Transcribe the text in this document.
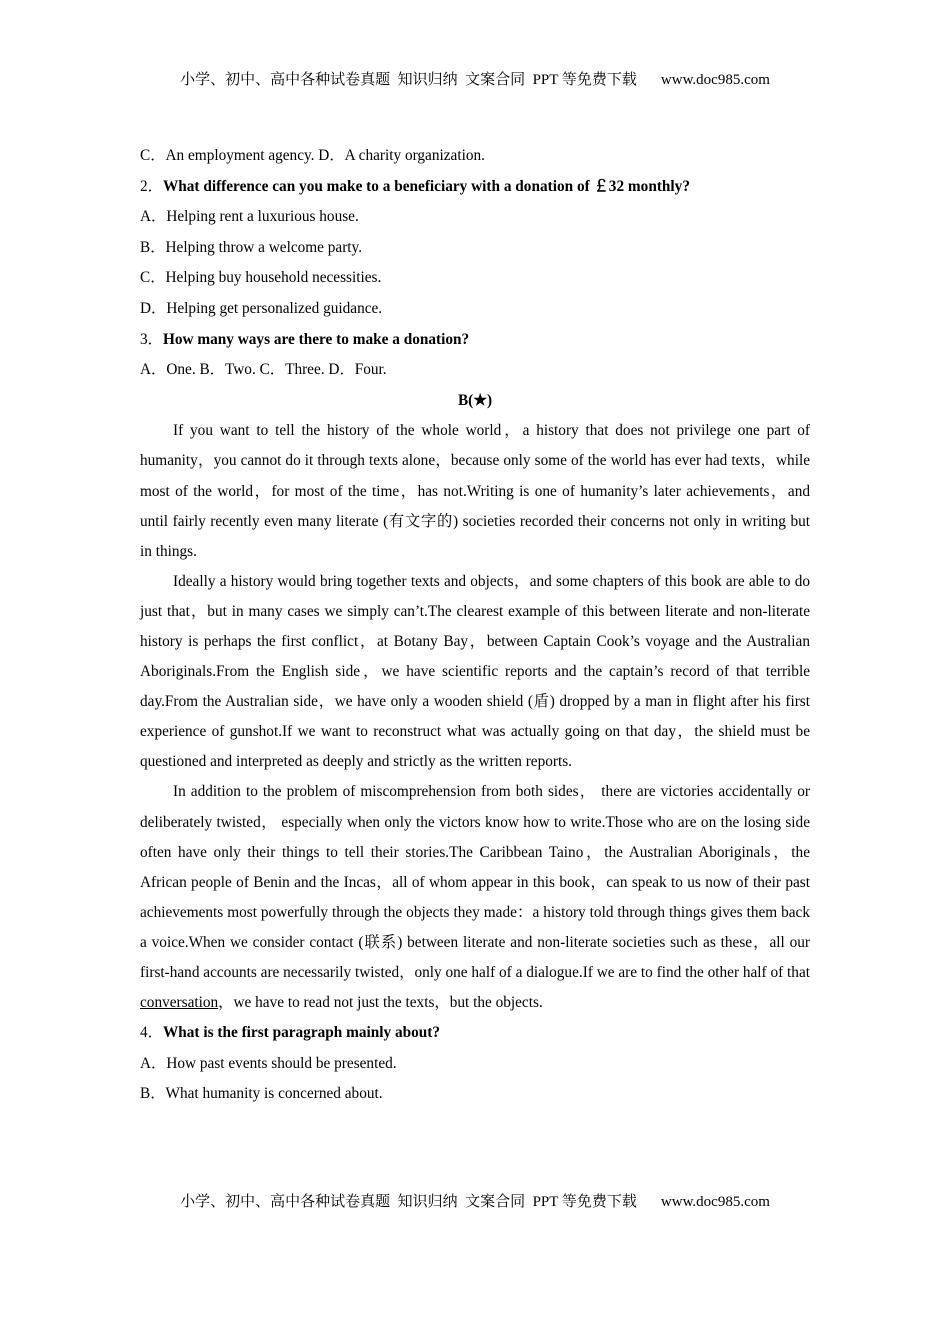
小学、初中、高中各种试卷真题  知识归纳  文案合同  PPT 等免费下载 www.doc985.com
C．An employment agency. D．A charity organization.
2．What difference can you make to a beneficiary with a donation of ￡32 monthly?
A．Helping rent a luxurious house.
B．Helping throw a welcome party.
C．Helping buy household necessities.
D．Helping get personalized guidance.
3．How many ways are there to make a donation?
A．One. B．Two. C．Three. D．Four.
B(★)

If you want to tell the history of the whole world，a history that does not privilege one part of humanity，you cannot do it through texts alone，because only some of the world has ever had texts，while most of the world，for most of the time，has not.Writing is one of humanity’s later achievements，and until fairly recently even many literate (有文字的) societies recorded their concerns not only in writing but in things.

Ideally a history would bring together texts and objects，and some chapters of this book are able to do just that，but in many cases we simply can’t.The clearest example of this between literate and non-literate history is perhaps the first conflict，at Botany Bay，between Captain Cook’s voyage and the Australian Aboriginals.From the English side，we have scientific reports and the captain’s record of that terrible day.From the Australian side，we have only a wooden shield (盾) dropped by a man in flight after his first experience of gunshot.If we want to reconstruct what was actually going on that day，the shield must be questioned and interpreted as deeply and strictly as the written reports.

In addition to the problem of miscomprehension from both sides， there are victories accidentally or deliberately twisted， especially when only the victors know how to write.Those who are on the losing side often have only their things to tell their stories.The Caribbean Taino，the Australian Aboriginals，the African people of Benin and the Incas，all of whom appear in this book，can speak to us now of their past achievements most powerfully through the objects they made：a history told through things gives them back a voice.When we consider contact (联系) between literate and non-literate societies such as these，all our first-hand accounts are necessarily twisted，only one half of a dialogue.If we are to find the other half of that conversation，we have to read not just the texts，but the objects.

4．What is the first paragraph mainly about?
A．How past events should be presented.
B．What humanity is concerned about.
小学、初中、高中各种试卷真题  知识归纳  文案合同  PPT 等免费下载 www.doc985.com
